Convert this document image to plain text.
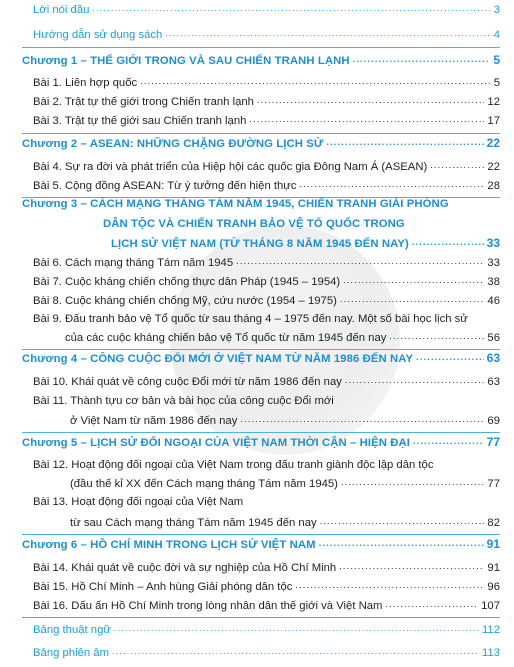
Lời nói đầu .....	3
Hướng dẫn sử dụng sách .....	4
Chương 1 – THẾ GIỚI TRONG VÀ SAU CHIẾN TRANH LẠNH .....	5
Bài 1. Liên hợp quốc .....	5
Bài 2. Trật tự thế giới trong Chiến tranh lạnh .....	12
Bài 3. Trật tự thế giới sau Chiến tranh lạnh .....	17
Chương 2 – ASEAN: NHỮNG CHẶNG ĐƯỜNG LỊCH SỬ .....	22
Bài 4. Sự ra đời và phát triển của Hiệp hội các quốc gia Đông Nam Á (ASEAN) .....	22
Bài 5. Cộng đồng ASEAN: Từ ý tưởng đến hiện thực .....	28
Chương 3 – CÁCH MẠNG THÁNG TÁM NĂM 1945, CHIẾN TRANH GIẢI PHÓNG
DÂN TỘC VÀ CHIẾN TRANH BẢO VỆ TỔ QUỐC TRONG
LỊCH SỬ VIỆT NAM (TỪ THÁNG 8 NĂM 1945 ĐẾN NAY) .....	33
Bài 6. Cách mạng tháng Tám năm 1945 .....	33
Bài 7. Cuộc kháng chiến chống thực dân Pháp (1945 – 1954) .....	38
Bài 8. Cuộc kháng chiến chống Mỹ, cứu nước (1954 – 1975) .....	46
Bài 9. Đấu tranh bảo vệ Tổ quốc từ sau tháng 4 – 1975 đến nay. Một số bài học lịch sử
của các cuộc kháng chiến bảo vệ Tổ quốc từ năm 1945 đến nay .....	56
Chương 4 – CÔNG CUỘC ĐỔI MỚI Ở VIỆT NAM TỪ NĂM 1986 ĐẾN NAY .....	63
Bài 10. Khái quát về công cuộc Đổi mới từ năm 1986 đến nay .....	63
Bài 11. Thành tựu cơ bản và bài học của công cuộc Đổi mới
ở Việt Nam từ năm 1986 đến nay .....	69
Chương 5 – LỊCH SỬ ĐỐI NGOẠI CỦA VIỆT NAM THỜI CẬN – HIỆN ĐẠI .....	77
Bài 12. Hoạt động đối ngoại của Việt Nam trong đấu tranh giành độc lập dân tộc
(đầu thế kỉ XX đến Cách mạng tháng Tám năm 1945) .....	77
Bài 13. Hoạt động đối ngoại của Việt Nam
từ sau Cách mạng tháng Tám năm 1945 đến nay .....	82
Chương 6 – HỒ CHÍ MINH TRONG LỊCH SỬ VIỆT NAM .....	91
Bài 14. Khái quát về cuộc đời và sự nghiệp của Hồ Chí Minh .....	91
Bài 15. Hồ Chí Minh – Anh hùng Giải phóng dân tộc .....	96
Bài 16. Dấu ấn Hồ Chí Minh trong lòng nhân dân thế giới và Việt Nam .....	107
Bảng thuật ngữ .....	112
Bảng phiên âm .....	113
